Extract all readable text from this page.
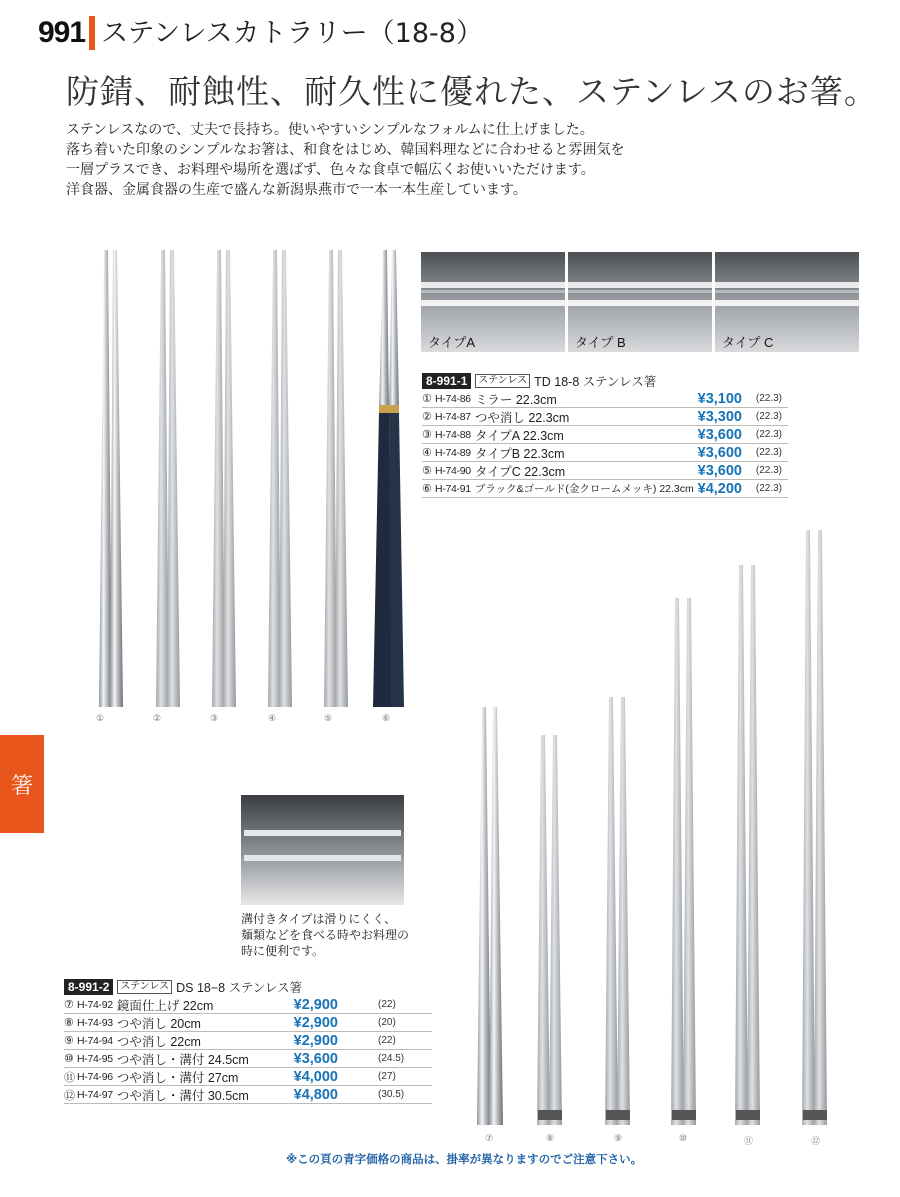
991 ステンレスカトラリー（18-8）
防錆、耐蝕性、耐久性に優れた、ステンレスのお箸。
ステンレスなので、丈夫で長持ち。使いやすいシンプルなフォルムに仕上げました。
落ち着いた印象のシンプルなお箸は、和食をはじめ、韓国料理などに合わせると雰囲気を
一層プラスでき、お料理や場所を選ばず、色々な食卓で幅広くお使いいただけます。
洋食器、金属食器の生産で盛んな新潟県燕市で一本一本生産しています。
箸
タイプA	タイプ B	タイプ C
①	②	③	④	⑤	⑥
⑦	⑧	⑨	⑩	⑪	⑫
8-991-1	ステンレス TD 18-8 ステンレス箸
① H-74-86 ミラー 22.3cm	¥3,100 (22.3)
② H-74-87 つや消し 22.3cm	¥3,300 (22.3)
③ H-74-88 タイプA 22.3cm	¥3,600 (22.3)
④ H-74-89 タイプB 22.3cm	¥3,600 (22.3)
⑤ H-74-90 タイプC 22.3cm	¥3,600 (22.3)
⑥ H-74-91 ブラック&ゴールド(金クロームメッキ) 22.3cm ¥4,200 (22.3)
溝付きタイプは滑りにくく、
麺類などを食べる時やお料理の
時に便利です。
8-991-2	ステンレス DS 18−8 ステンレス箸
⑦ H-74-92 鏡面仕上げ 22cm	¥2,900	(22)
⑧ H-74-93 つや消し 20cm	¥2,900	(20)
⑨ H-74-94 つや消し 22cm	¥2,900	(22)
⑩ H-74-95 つや消し・溝付 24.5cm	¥3,600	(24.5)
⑪ H-74-96 つや消し・溝付 27cm	¥4,000	(27)
⑫ H-74-97 つや消し・溝付 30.5cm	¥4,800	(30.5)
※この頁の青字価格の商品は、掛率が異なりますのでご注意下さい。
